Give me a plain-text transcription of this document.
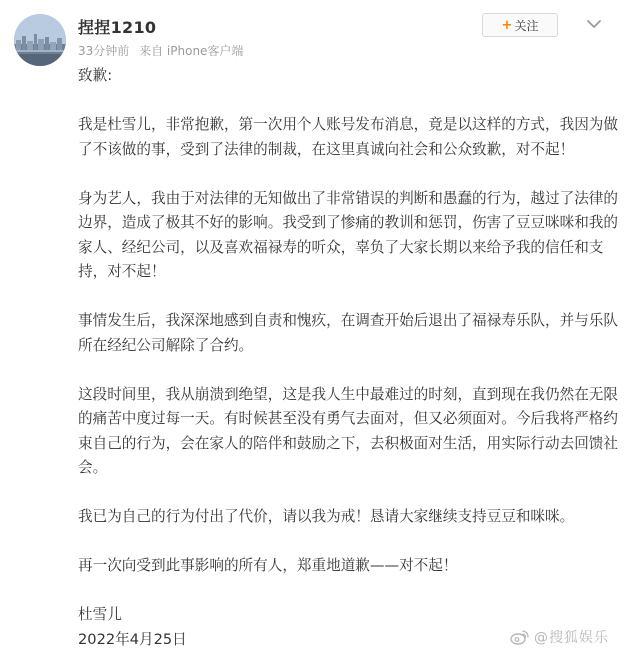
捏捏1210
33分钟前 来自 iPhone客户端
+ 关注

致歉:

我是杜雪儿，非常抱歉，第一次用个人账号发布消息，竟是以这样的方式，我因为做了不该做的事，受到了法律的制裁，在这里真诚向社会和公众致歉，对不起！

身为艺人，我由于对法律的无知做出了非常错误的判断和愚蠢的行为，越过了法律的边界，造成了极其不好的影响。我受到了惨痛的教训和惩罚，伤害了豆豆咪咪和我的家人、经纪公司，以及喜欢福禄寿的听众，辜负了大家长期以来给予我的信任和支持，对不起！

事情发生后，我深深地感到自责和愧疚，在调查开始后退出了福禄寿乐队，并与乐队所在经纪公司解除了合约。

这段时间里，我从崩溃到绝望，这是我人生中最难过的时刻，直到现在我仍然在无限的痛苦中度过每一天。有时候甚至没有勇气去面对，但又必须面对。今后我将严格约束自己的行为，会在家人的陪伴和鼓励之下，去积极面对生活，用实际行动去回馈社会。

我已为自己的行为付出了代价，请以我为戒！恳请大家继续支持豆豆和咪咪。

再一次向受到此事影响的所有人，郑重地道歉——对不起！

杜雪儿

2022年4月25日	@搜狐娱乐
